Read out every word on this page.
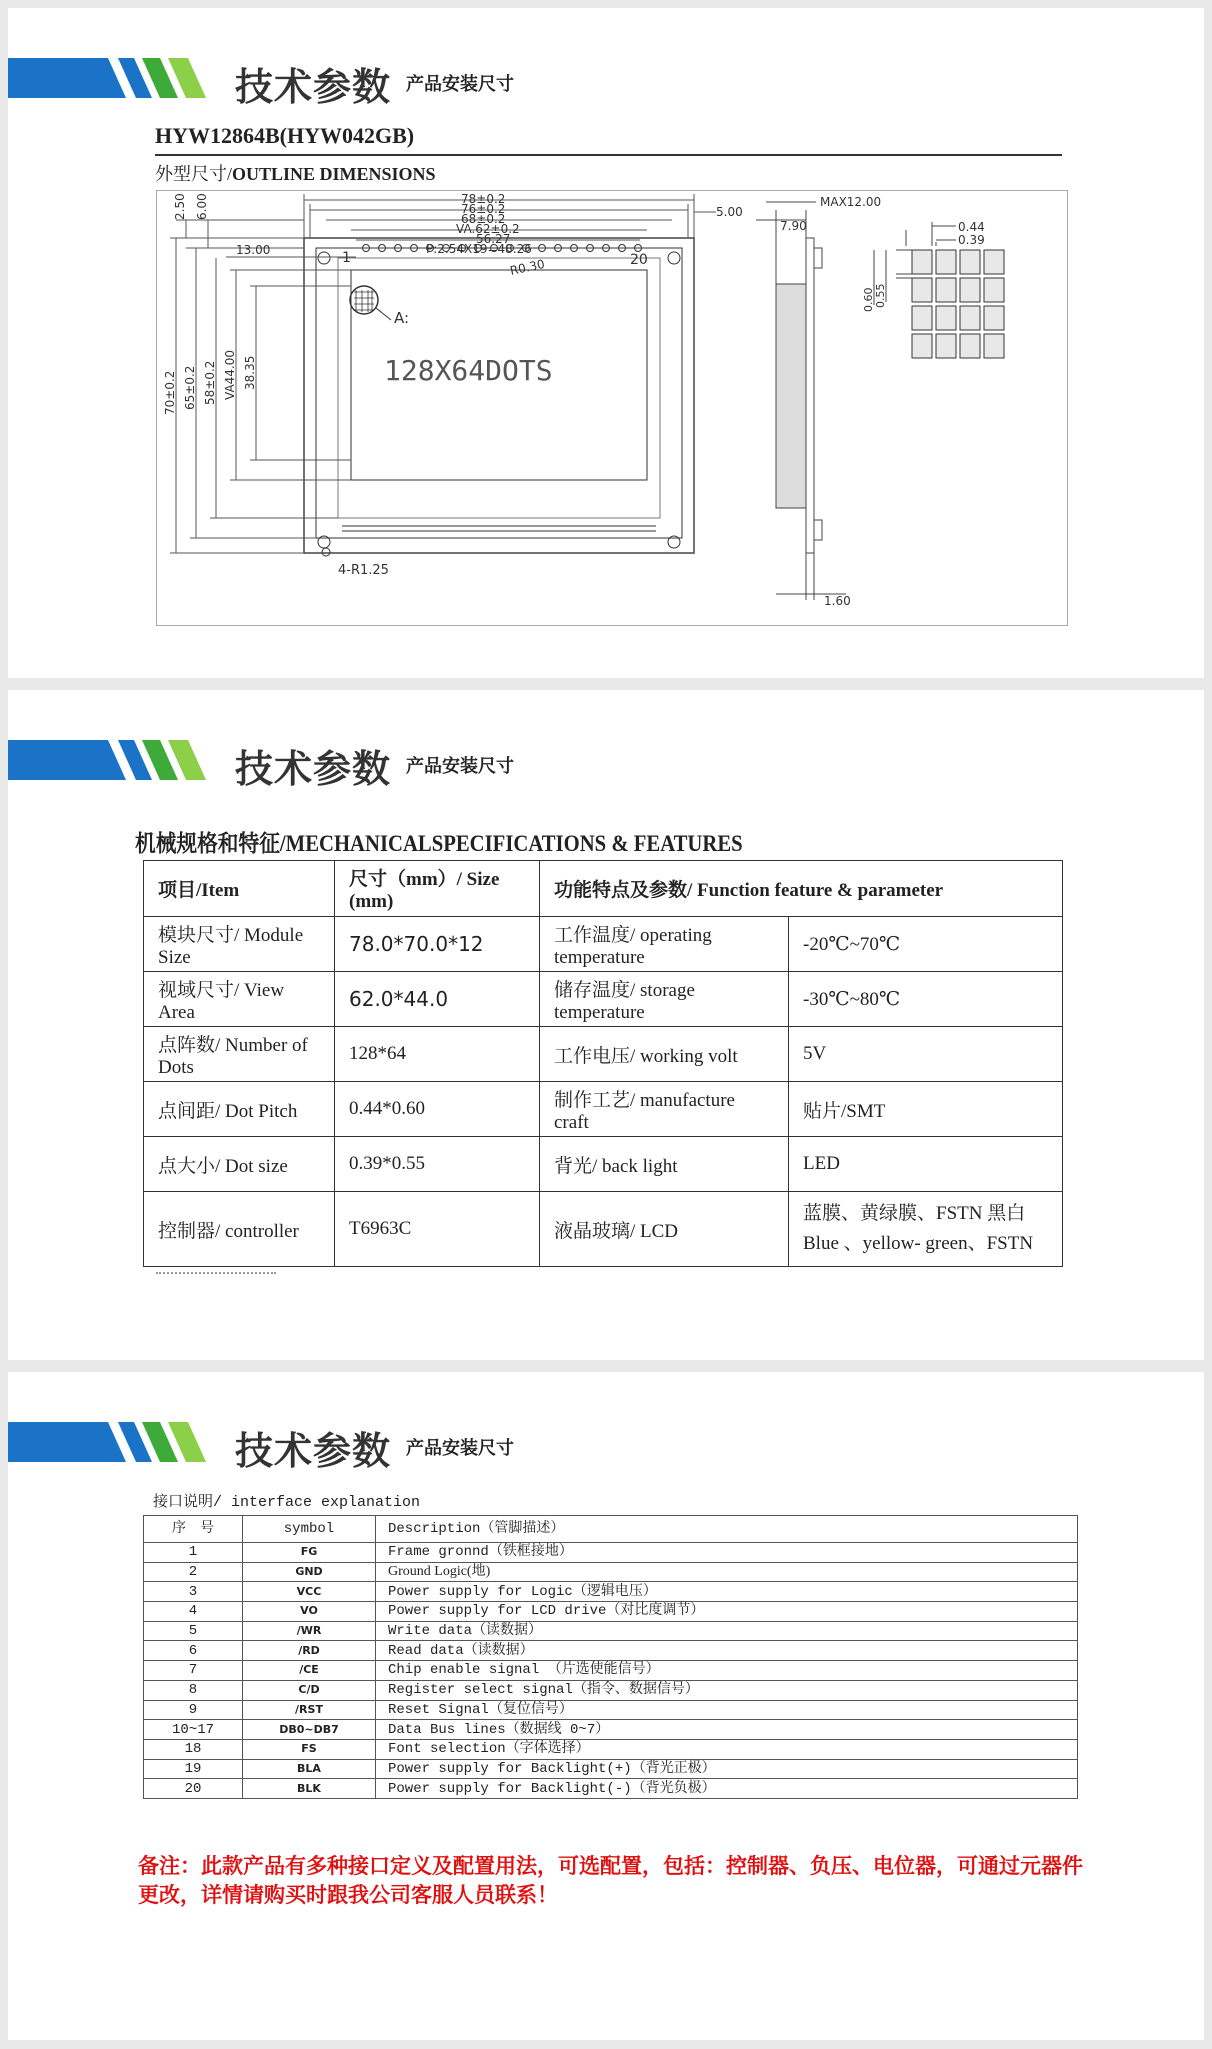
技术参数 产品安装尺寸
HYW12864B(HYW042GB)
外型尺寸/OUTLINE DIMENSIONS
78±0.2
76±0.2
68±0.2
VA.62±0.2
56.27
P:2.54X19=48.26
R0.30
5.00
13.00
2.50 6.00
70±0.2 65±0.2 58±0.2 VA44.00 38.35
4-R1.25
1	20
A:
128X64DOTS
7.90
MAX12.00
1.60
0.44
0.39
0.60 0.55
技术参数 产品安装尺寸
机械规格和特征/MECHANICALSPECIFICATIONS & FEATURES
项目/Item	尺寸（mm）/ Size (mm)	功能特点及参数/ Function feature & parameter	
模块尺寸/ Module Size	78.0*70.0*12	工作温度/ operating temperature	-20℃~70℃
视域尺寸/ View Area	62.0*44.0	储存温度/ storage temperature	-30℃~80℃
点阵数/ Number of Dots	128*64	工作电压/ working volt	5V
点间距/ Dot Pitch	0.44*0.60	制作工艺/ manufacture craft	贴片/SMT
点大小/ Dot size	0.39*0.55	背光/ back light	LED
控制器/ controller	T6963C	液晶玻璃/ LCD	蓝膜、黄绿膜、FSTN 黑白
Blue 、yellow- green、FSTN
技术参数 产品安装尺寸
接口说明/ interface explanation
序　号	symbol	Description（管脚描述）
1	FG	Frame gronnd（铁框接地）
2	GND	Ground Logic(地)
3	VCC	Power supply for Logic（逻辑电压）
4	VO	Power supply for LCD drive（对比度调节）
5	/WR	Write data（读数据）
6	/RD	Read data（读数据）
7	/CE	Chip enable signal （片选使能信号）
8	C/D	Register select signal（指令、数据信号）
9	/RST	Reset Signal（复位信号）
10~17	DB0~DB7	Data Bus lines（数据线 0~7）
18	FS	Font selection（字体选择）
19	BLA	Power supply for Backlight(+)（背光正极）
20	BLK	Power supply for Backlight(-)（背光负极）
备注：此款产品有多种接口定义及配置用法，可选配置，包括：控制器、负压、电位器，可通过元器件更改，详情请购买时跟我公司客服人员联系！
